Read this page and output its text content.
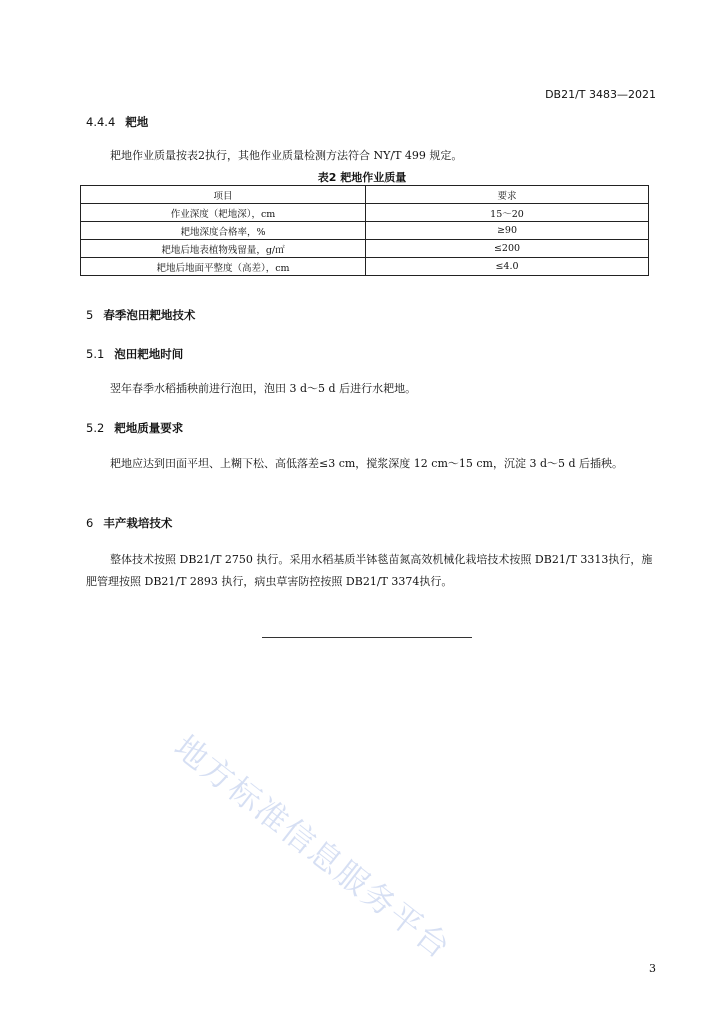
DB21/T 3483—2021
4.4.4 耙地

耙地作业质量按表2执行，其他作业质量检测方法符合 NY/T 499 规定。

表2 耙地作业质量
项目	要求
作业深度（耙地深），cm	15～20
耙地深度合格率，%	≥90
耙地后地表植物残留量，g/㎡	≤200
耙地后地面平整度（高差），cm	≤4.0
5 春季泡田耙地技术
5.1 泡田耙地时间

翌年春季水稻插秧前进行泡田，泡田 3 d～5 d 后进行水耙地。

5.2 耙地质量要求

耙地应达到田面平坦、上糊下松、高低落差≤3 cm，搅浆深度 12 cm～15 cm，沉淀 3 d～5 d 后插秧。

6 丰产栽培技术

整体技术按照 DB21/T 2750 执行。采用水稻基质半钵毯苗氮高效机械化栽培技术按照 DB21/T 3313执行，施肥管理按照 DB21/T 2893 执行，病虫草害防控按照 DB21/T 3374执行。

地方标准信息服务平台
3
